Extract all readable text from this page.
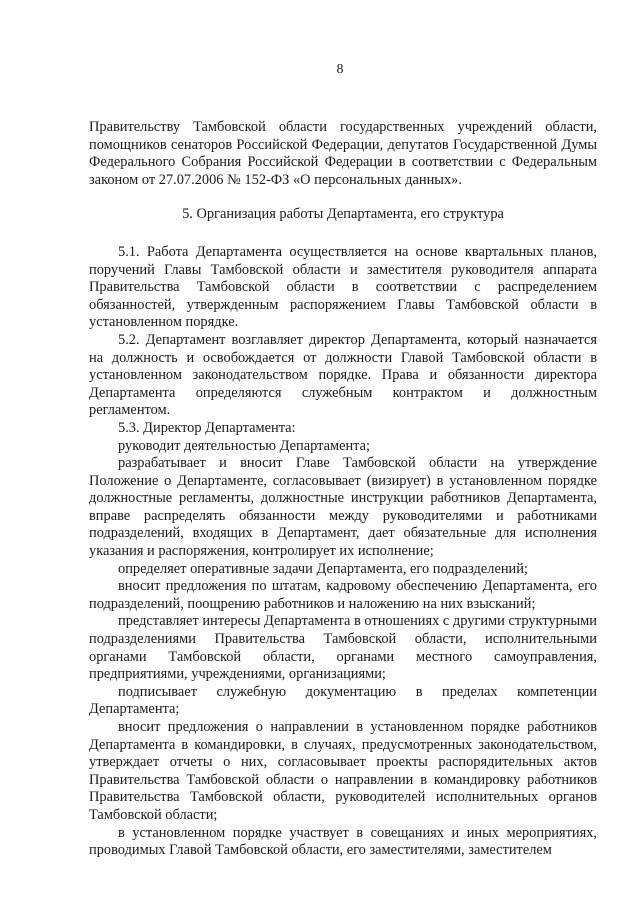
8

Правительству Тамбовской области государственных учреждений области, помощников сенаторов Российской Федерации, депутатов Государственной Думы Федерального Собрания Российской Федерации в соответствии с Федеральным законом от 27.07.2006 № 152-ФЗ «О персональных данных».

5. Организация работы Департамента, его структура

5.1. Работа Департамента осуществляется на основе квартальных планов, поручений Главы Тамбовской области и заместителя руководителя аппарата Правительства Тамбовской области в соответствии с распределением обязанностей, утвержденным распоряжением Главы Тамбовской области в установленном порядке.

5.2. Департамент возглавляет директор Департамента, который назначается на должность и освобождается от должности Главой Тамбовской области в установленном законодательством порядке. Права и обязанности директора Департамента определяются служебным контрактом и должностным регламентом.

5.3. Директор Департамента:

руководит деятельностью Департамента;

разрабатывает и вносит Главе Тамбовской области на утверждение Положение о Департаменте, согласовывает (визирует) в установленном порядке должностные регламенты, должностные инструкции работников Департамента, вправе распределять обязанности между руководителями и работниками подразделений, входящих в Департамент, дает обязательные для исполнения указания и распоряжения, контролирует их исполнение;

определяет оперативные задачи Департамента, его подразделений;

вносит предложения по штатам, кадровому обеспечению Департамента, его подразделений, поощрению работников и наложению на них взысканий;

представляет интересы Департамента в отношениях с другими структурными подразделениями Правительства Тамбовской области, исполнительными органами Тамбовской области, органами местного самоуправления, предприятиями, учреждениями, организациями;

подписывает служебную документацию в пределах компетенции Департамента;

вносит предложения о направлении в установленном порядке работников Департамента в командировки, в случаях, предусмотренных законодательством, утверждает отчеты о них, согласовывает проекты распорядительных актов Правительства Тамбовской области о направлении в командировку работников Правительства Тамбовской области, руководителей исполнительных органов Тамбовской области;

в установленном порядке участвует в совещаниях и иных мероприятиях, проводимых Главой Тамбовской области, его заместителями, заместителем
